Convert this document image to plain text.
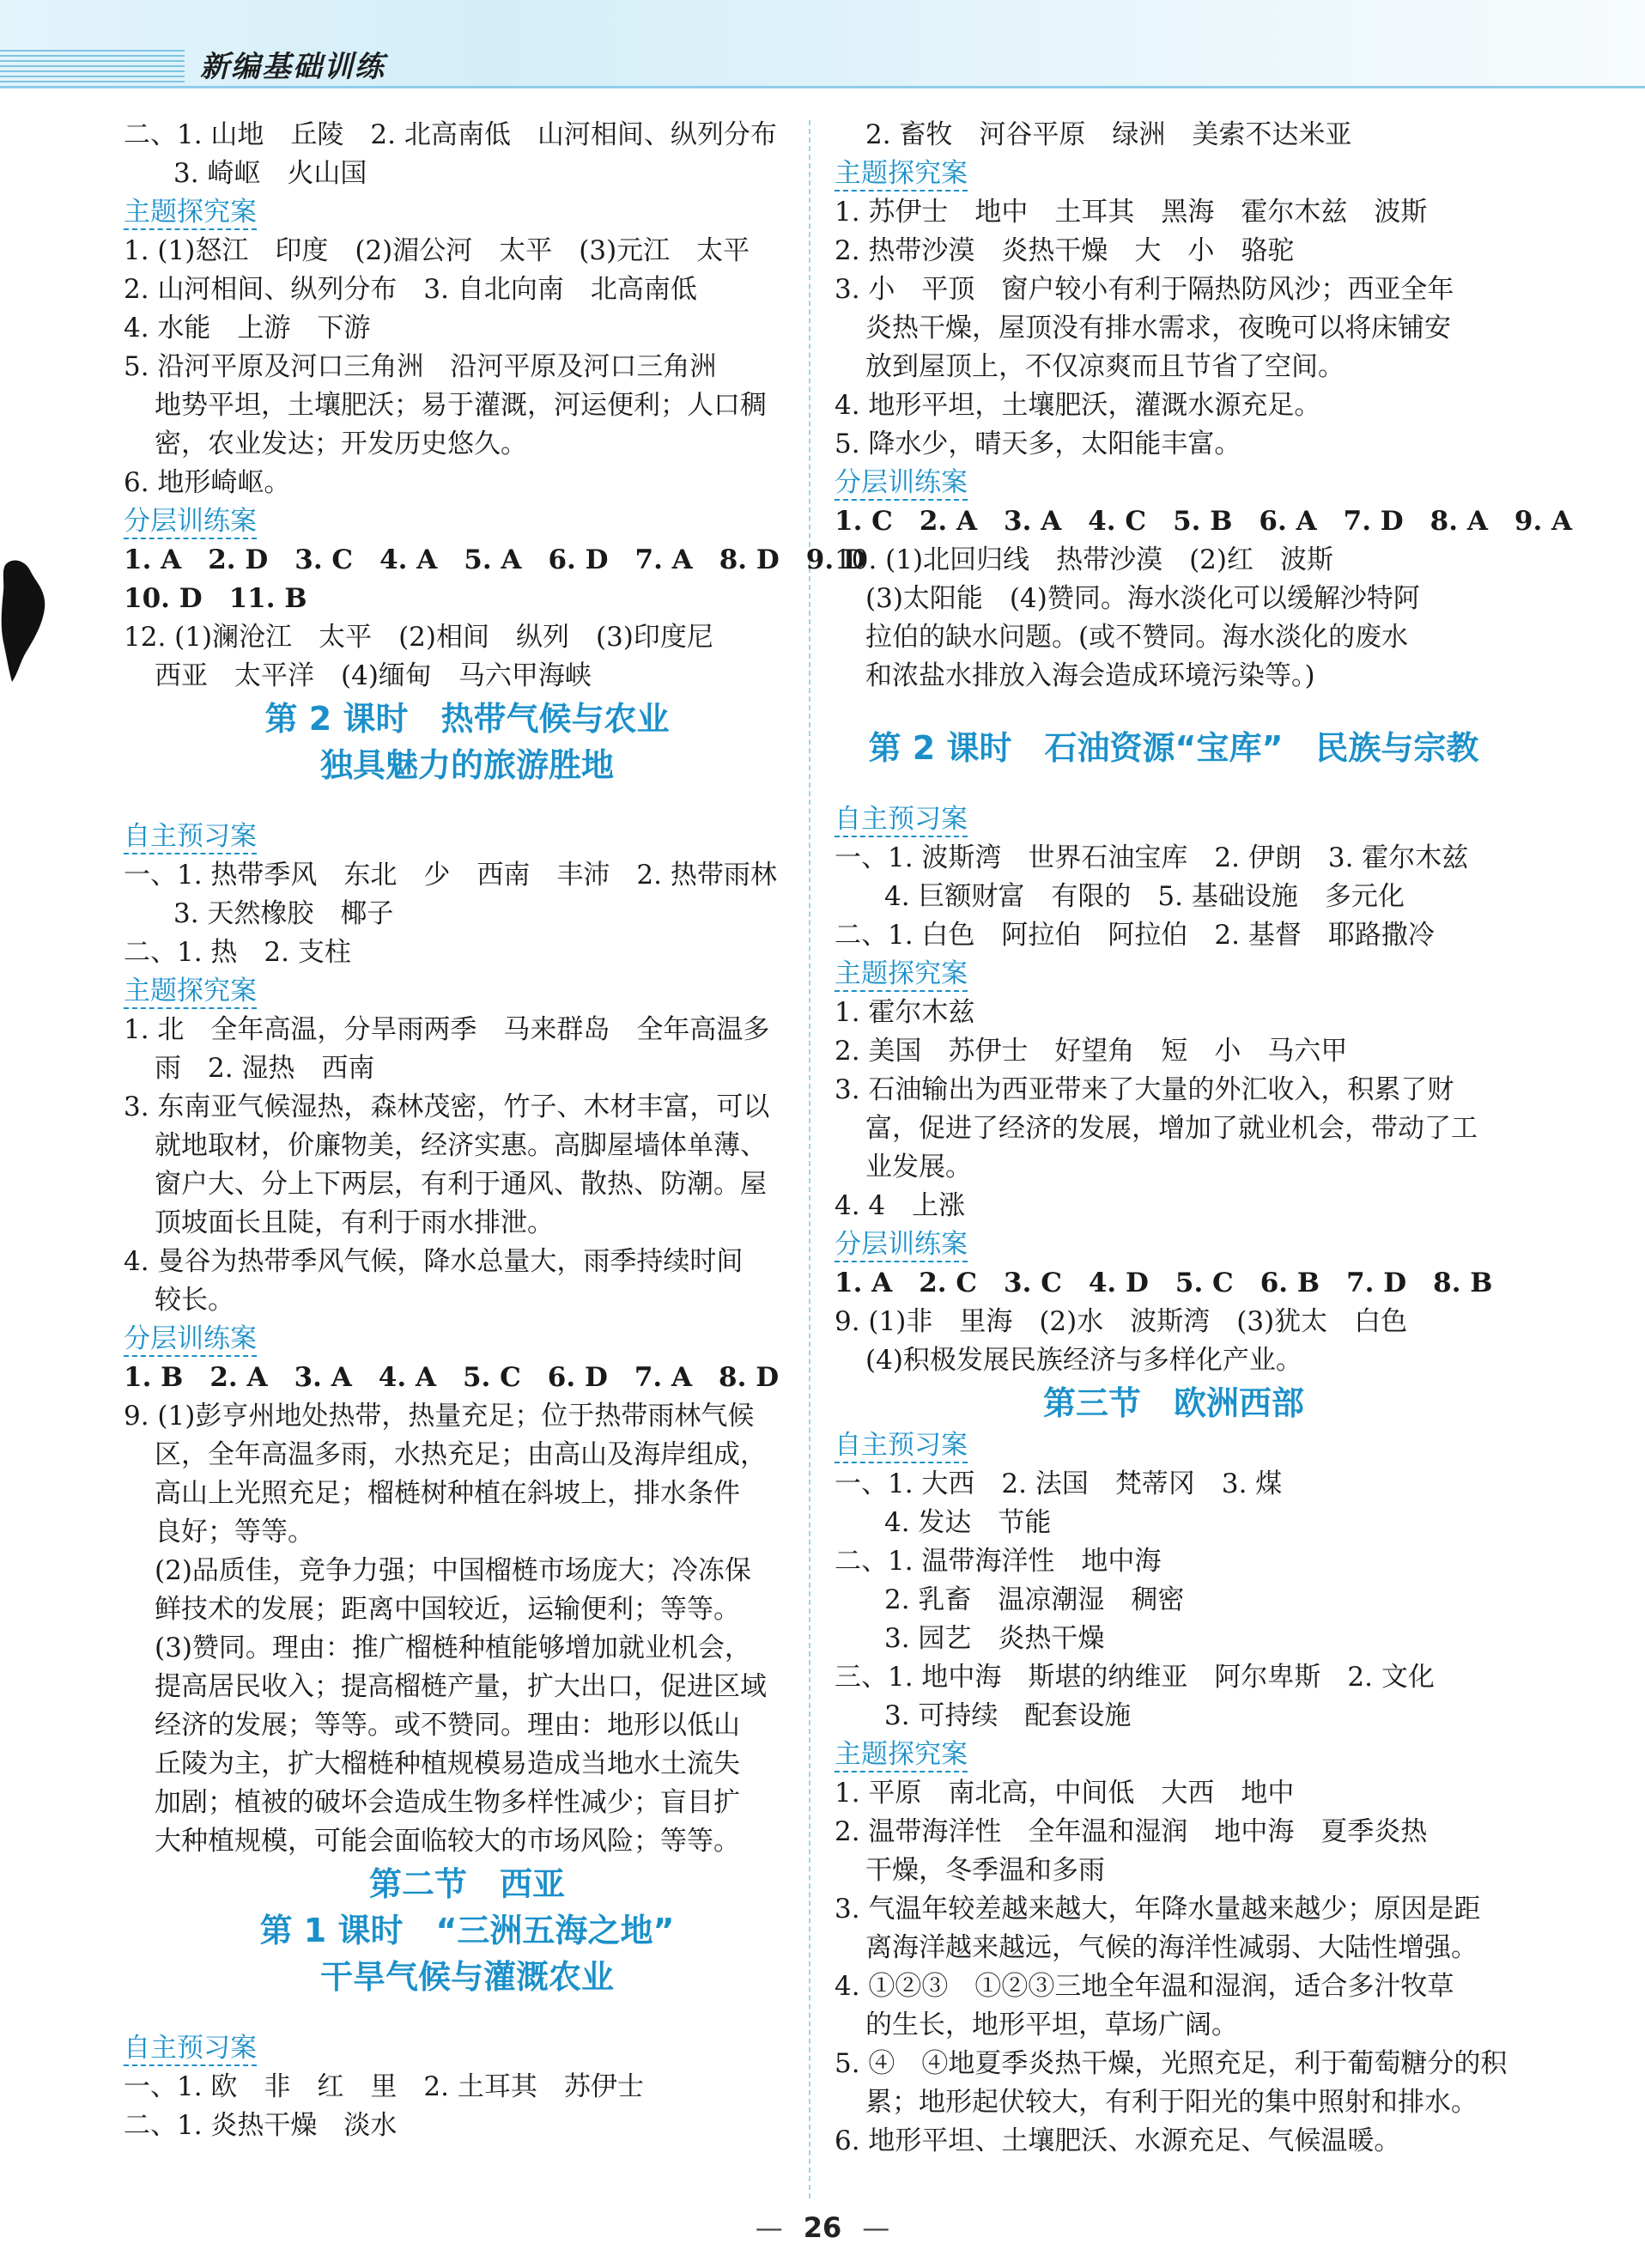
新编基础训练
二、1. 山地　丘陵　2. 北高南低　山河相间、纵列分布
3. 崎岖　火山国
主题探究案
1. (1)怒江　印度　(2)湄公河　太平　(3)元江　太平
2. 山河相间、纵列分布　3. 自北向南　北高南低
4. 水能　上游　下游
5. 沿河平原及河口三角洲　沿河平原及河口三角洲
地势平坦，土壤肥沃；易于灌溉，河运便利；人口稠
密，农业发达；开发历史悠久。
6. 地形崎岖。
分层训练案
1. A　2. D　3. C　4. A　5. A　6. D　7. A　8. D　9. D
10. D　11. B
12. (1)澜沧江　太平　(2)相间　纵列　(3)印度尼
西亚　太平洋　(4)缅甸　马六甲海峡
第 2 课时　热带气候与农业
独具魅力的旅游胜地
自主预习案
一、1. 热带季风　东北　少　西南　丰沛　2. 热带雨林
3. 天然橡胶　椰子
二、1. 热　2. 支柱
主题探究案
1. 北　全年高温，分旱雨两季　马来群岛　全年高温多
雨　2. 湿热　西南
3. 东南亚气候湿热，森林茂密，竹子、木材丰富，可以
就地取材，价廉物美，经济实惠。高脚屋墙体单薄、
窗户大、分上下两层，有利于通风、散热、防潮。屋
顶坡面长且陡，有利于雨水排泄。
4. 曼谷为热带季风气候，降水总量大，雨季持续时间
较长。
分层训练案
1. B　2. A　3. A　4. A　5. C　6. D　7. A　8. D
9. (1)彭亨州地处热带，热量充足；位于热带雨林气候
区，全年高温多雨，水热充足；由高山及海岸组成，
高山上光照充足；榴梿树种植在斜坡上，排水条件
良好；等等。
(2)品质佳，竞争力强；中国榴梿市场庞大；冷冻保
鲜技术的发展；距离中国较近，运输便利；等等。
(3)赞同。理由：推广榴梿种植能够增加就业机会，
提高居民收入；提高榴梿产量，扩大出口，促进区域
经济的发展；等等。或不赞同。理由：地形以低山
丘陵为主，扩大榴梿种植规模易造成当地水土流失
加剧；植被的破坏会造成生物多样性减少；盲目扩
大种植规模，可能会面临较大的市场风险；等等。
第二节　西亚
第 1 课时　“三洲五海之地”
干旱气候与灌溉农业
自主预习案
一、1. 欧　非　红　里　2. 土耳其　苏伊士
二、1. 炎热干燥　淡水
2. 畜牧　河谷平原　绿洲　美索不达米亚
主题探究案
1. 苏伊士　地中　土耳其　黑海　霍尔木兹　波斯
2. 热带沙漠　炎热干燥　大　小　骆驼
3. 小　平顶　窗户较小有利于隔热防风沙；西亚全年
炎热干燥，屋顶没有排水需求，夜晚可以将床铺安
放到屋顶上，不仅凉爽而且节省了空间。
4. 地形平坦，土壤肥沃，灌溉水源充足。
5. 降水少，晴天多，太阳能丰富。
分层训练案
1. C　2. A　3. A　4. C　5. B　6. A　7. D　8. A　9. A
10. (1)北回归线　热带沙漠　(2)红　波斯
(3)太阳能　(4)赞同。海水淡化可以缓解沙特阿
拉伯的缺水问题。(或不赞同。海水淡化的废水
和浓盐水排放入海会造成环境污染等。)
第 2 课时　石油资源“宝库”　民族与宗教
自主预习案
一、1. 波斯湾　世界石油宝库　2. 伊朗　3. 霍尔木兹
4. 巨额财富　有限的　5. 基础设施　多元化
二、1. 白色　阿拉伯　阿拉伯　2. 基督　耶路撒冷
主题探究案
1. 霍尔木兹
2. 美国　苏伊士　好望角　短　小　马六甲
3. 石油输出为西亚带来了大量的外汇收入，积累了财
富，促进了经济的发展，增加了就业机会，带动了工
业发展。
4. 4　上涨
分层训练案
1. A　2. C　3. C　4. D　5. C　6. B　7. D　8. B
9. (1)非　里海　(2)水　波斯湾　(3)犹太　白色
(4)积极发展民族经济与多样化产业。
第三节　欧洲西部
自主预习案
一、1. 大西　2. 法国　梵蒂冈　3. 煤
4. 发达　节能
二、1. 温带海洋性　地中海
2. 乳畜　温凉潮湿　稠密
3. 园艺　炎热干燥
三、1. 地中海　斯堪的纳维亚　阿尔卑斯　2. 文化
3. 可持续　配套设施
主题探究案
1. 平原　南北高，中间低　大西　地中
2. 温带海洋性　全年温和湿润　地中海　夏季炎热
干燥，冬季温和多雨
3. 气温年较差越来越大，年降水量越来越少；原因是距
离海洋越来越远，气候的海洋性减弱、大陆性增强。
4. ①②③　①②③三地全年温和湿润，适合多汁牧草
的生长，地形平坦，草场广阔。
5. ④　④地夏季炎热干燥，光照充足，利于葡萄糖分的积
累；地形起伏较大，有利于阳光的集中照射和排水。
6. 地形平坦、土壤肥沃、水源充足、气候温暖。
— 26 —
